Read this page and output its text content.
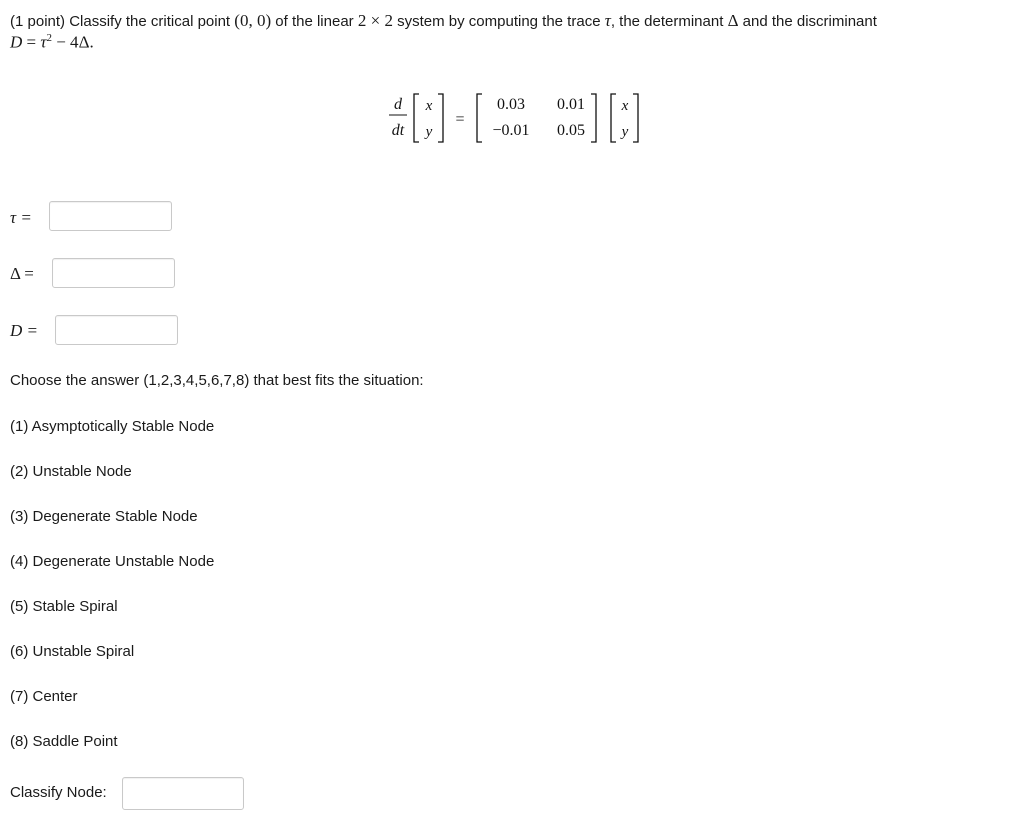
(1 point) Classify the critical point (0, 0) of the linear 2 × 2 system by computing the trace τ, the determinant Δ and the discriminant
$D = \tau^2 - 4\Delta$.
d
dt
x
y
=
0.03 0.01
−0.01 0.05
x
y
τ =
Δ =
D =
Choose the answer (1,2,3,4,5,6,7,8) that best fits the situation:
(1) Asymptotically Stable Node
(2) Unstable Node
(3) Degenerate Stable Node
(4) Degenerate Unstable Node
(5) Stable Spiral
(6) Unstable Spiral
(7) Center
(8) Saddle Point
Classify Node:
